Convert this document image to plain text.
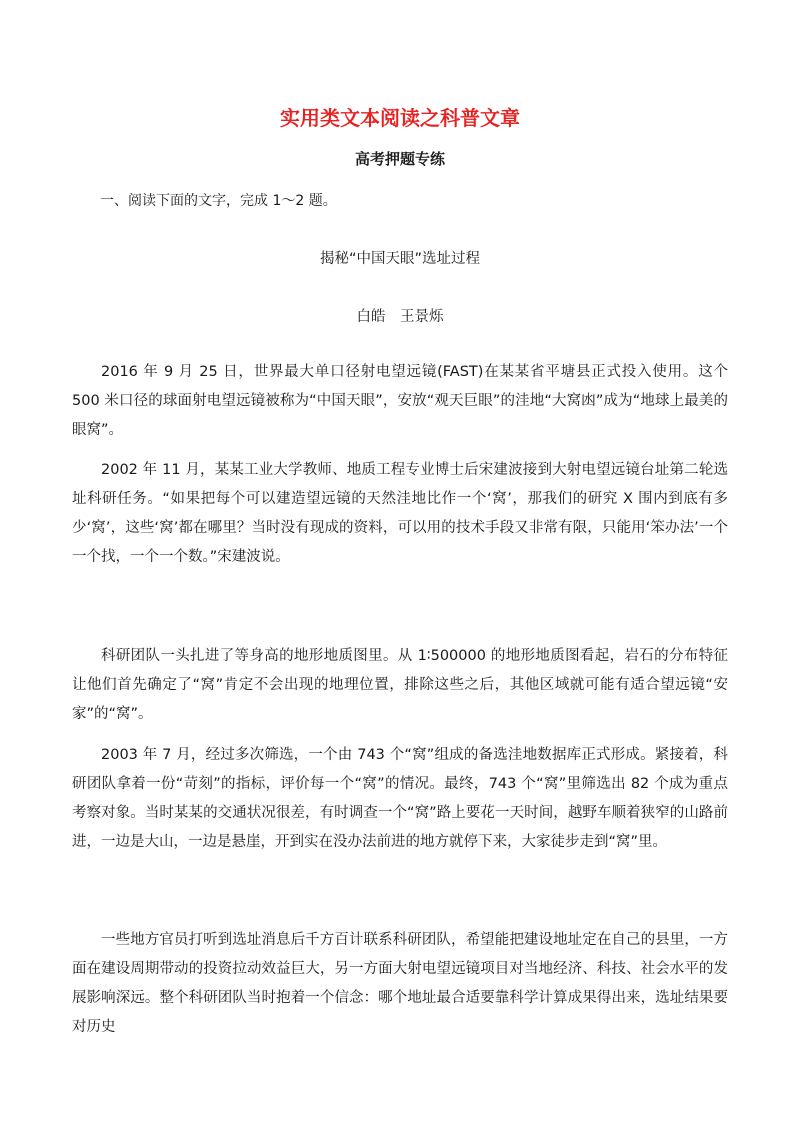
实用类文本阅读之科普文章
高考押题专练
一、阅读下面的文字，完成 1～2 题。
揭秘“中国天眼”选址过程
白皓　王景烁

2016 年 9 月 25 日，世界最大单口径射电望远镜(FAST)在某某省平塘县正式投入使用。这个 500 米口径的球面射电望远镜被称为“中国天眼”，安放“观天巨眼”的洼地“大窝凼”成为“地球上最美的眼窝”。

2002 年 11 月，某某工业大学教师、地质工程专业博士后宋建波接到大射电望远镜台址第二轮选址科研任务。“如果把每个可以建造望远镜的天然洼地比作一个‘窝’，那我们的研究 X 围内到底有多少‘窝’，这些‘窝’都在哪里？当时没有现成的资料，可以用的技术手段又非常有限，只能用‘笨办法’一个一个找，一个一个数。”宋建波说。

科研团队一头扎进了等身高的地形地质图里。从 1∶500000 的地形地质图看起，岩石的分布特征让他们首先确定了“窝”肯定不会出现的地理位置，排除这些之后，其他区域就可能有适合望远镜“安家”的“窝”。

2003 年 7 月，经过多次筛选，一个由 743 个“窝”组成的备选洼地数据库正式形成。紧接着，科研团队拿着一份“苛刻”的指标，评价每一个“窝”的情况。最终，743 个“窝”里筛选出 82 个成为重点考察对象。当时某某的交通状况很差，有时调查一个“窝”路上要花一天时间，越野车顺着狭窄的山路前进，一边是大山，一边是悬崖，开到实在没办法前进的地方就停下来，大家徒步走到“窝”里。

一些地方官员打听到选址消息后千方百计联系科研团队，希望能把建设地址定在自己的县里，一方面在建设周期带动的投资拉动效益巨大，另一方面大射电望远镜项目对当地经济、科技、社会水平的发展影响深远。整个科研团队当时抱着一个信念：哪个地址最合适要靠科学计算成果得出来，选址结果要对历史
